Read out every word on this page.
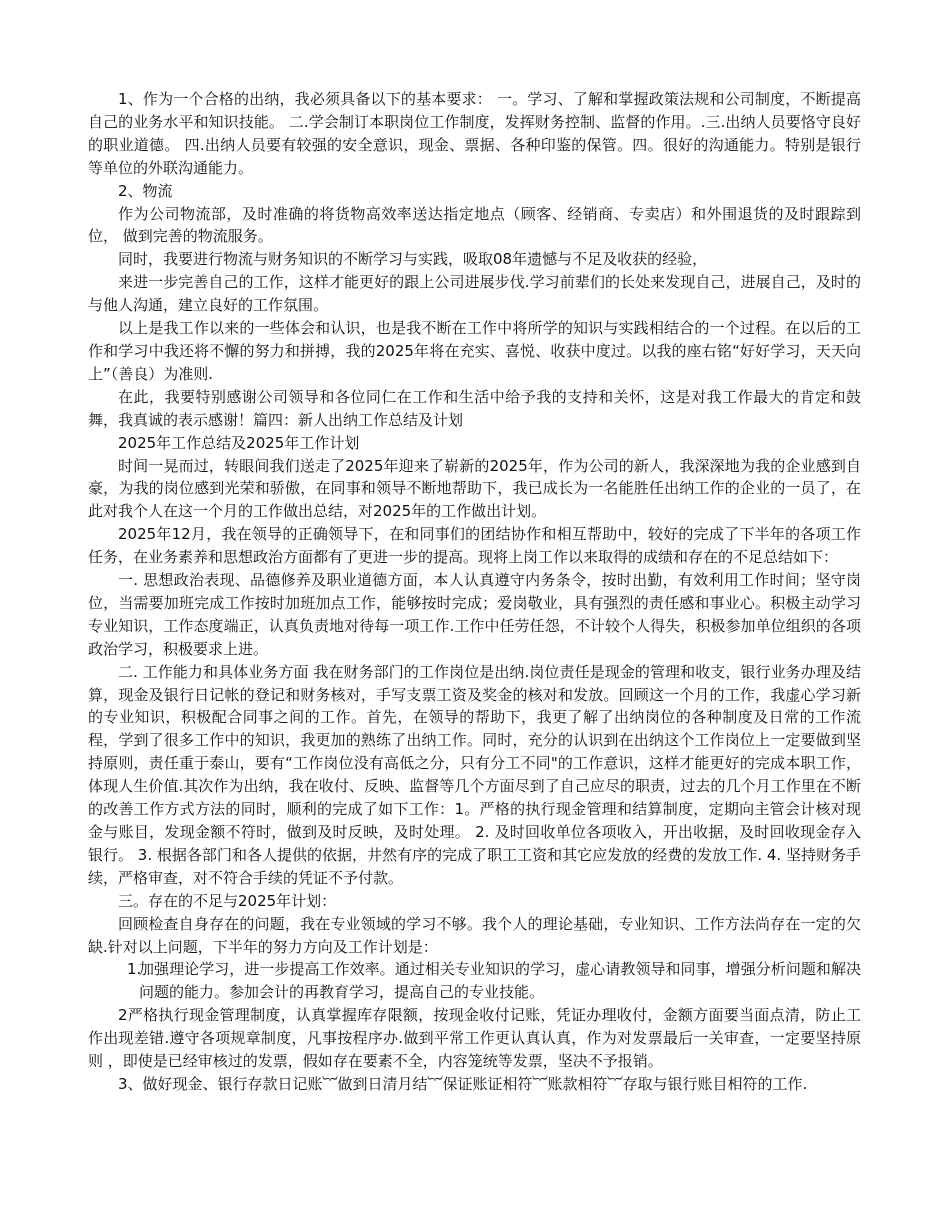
1、作为一个合格的出纳，我必须具备以下的基本要求： 一。学习、了解和掌握政策法规和公司制度，不断提高自己的业务水平和知识技能。 二.学会制订本职岗位工作制度，发挥财务控制、监督的作用。.三.出纳人员要恪守良好的职业道德。 四.出纳人员要有较强的安全意识，现金、票据、各种印鉴的保管。四。很好的沟通能力。特别是银行等单位的外联沟通能力。

2、物流

作为公司物流部，及时准确的将货物高效率送达指定地点（顾客、经销商、专卖店）和外围退货的及时跟踪到位， 做到完善的物流服务。

同时，我要进行物流与财务知识的不断学习与实践，吸取08年遗憾与不足及收获的经验，

来进一步完善自己的工作，这样才能更好的跟上公司进展步伐.学习前辈们的长处来发现自己，进展自己，及时的与他人沟通，建立良好的工作氛围。

以上是我工作以来的一些体会和认识，也是我不断在工作中将所学的知识与实践相结合的一个过程。在以后的工作和学习中我还将不懈的努力和拼搏，我的2025年将在充实、喜悦、收获中度过。以我的座右铭“好好学习，天天向上”（善良）为准则.

在此，我要特别感谢公司领导和各位同仁在工作和生活中给予我的支持和关怀，这是对我工作最大的肯定和鼓舞，我真诚的表示感谢！篇四：新人出纳工作总结及计划

2025年工作总结及2025年工作计划

时间一晃而过，转眼间我们送走了2025年迎来了崭新的2025年，作为公司的新人，我深深地为我的企业感到自豪，为我的岗位感到光荣和骄傲，在同事和领导不断地帮助下，我已成长为一名能胜任出纳工作的企业的一员了，在此对我个人在这一个月的工作做出总结，对2025年的工作做出计划。

2025年12月，我在领导的正确领导下，在和同事们的团结协作和相互帮助中，较好的完成了下半年的各项工作任务，在业务素养和思想政治方面都有了更进一步的提高。现将上岗工作以来取得的成绩和存在的不足总结如下：

一. 思想政治表现、品德修养及职业道德方面，本人认真遵守内务条令，按时出勤，有效利用工作时间；坚守岗位，当需要加班完成工作按时加班加点工作，能够按时完成；爱岗敬业，具有强烈的责任感和事业心。积极主动学习专业知识，工作态度端正，认真负责地对待每一项工作.工作中任劳任怨，不计较个人得失，积极参加单位组织的各项政治学习，积极要求上进。

二. 工作能力和具体业务方面 我在财务部门的工作岗位是出纳.岗位责任是现金的管理和收支，银行业务办理及结算，现金及银行日记帐的登记和财务核对，手写支票工资及奖金的核对和发放。回顾这一个月的工作，我虚心学习新的专业知识，积极配合同事之间的工作。首先，在领导的帮助下，我更了解了出纳岗位的各种制度及日常的工作流程，学到了很多工作中的知识，我更加的熟练了出纳工作。同时，充分的认识到在出纳这个工作岗位上一定要做到坚持原则，责任重于泰山，要有“工作岗位没有高低之分，只有分工不同"的工作意识，这样才能更好的完成本职工作，体现人生价值.其次作为出纳，我在收付、反映、监督等几个方面尽到了自己应尽的职责，过去的几个月工作里在不断的改善工作方式方法的同时，顺利的完成了如下工作：1。严格的执行现金管理和结算制度，定期向主管会计核对现金与账目，发现金额不符时，做到及时反映，及时处理。 2. 及时回收单位各项收入，开出收据，及时回收现金存入银行。 3. 根据各部门和各人提供的依据，井然有序的完成了职工工资和其它应发放的经费的发放工作. 4. 坚持财务手续，严格审查，对不符合手续的凭证不予付款。

三。存在的不足与2025年计划：

回顾检查自身存在的问题，我在专业领域的学习不够。我个人的理论基础，专业知识、工作方法尚存在一定的欠缺.针对以上问题，下半年的努力方向及工作计划是：

1.
加强理论学习，进一步提高工作效率。通过相关专业知识的学习，虚心请教领导和同事，增强分析问题和解决问题的能力。参加会计的再教育学习，提高自己的专业技能。

2严格执行现金管理制度，认真掌握库存限额，按现金收付记账，凭证办理收付，金额方面要当面点清，防止工作出现差错.遵守各项规章制度，凡事按程序办.做到平常工作更认真认真，作为对发票最后一关审查，一定要坚持原则 ，即使是已经审核过的发票，假如存在要素不全，内容笼统等发票，坚决不予报销。

3、做好现金、银行存款日记账︸做到日清月结︸保证账证相符︸账款相符︸存取与银行账目相符的工作.
